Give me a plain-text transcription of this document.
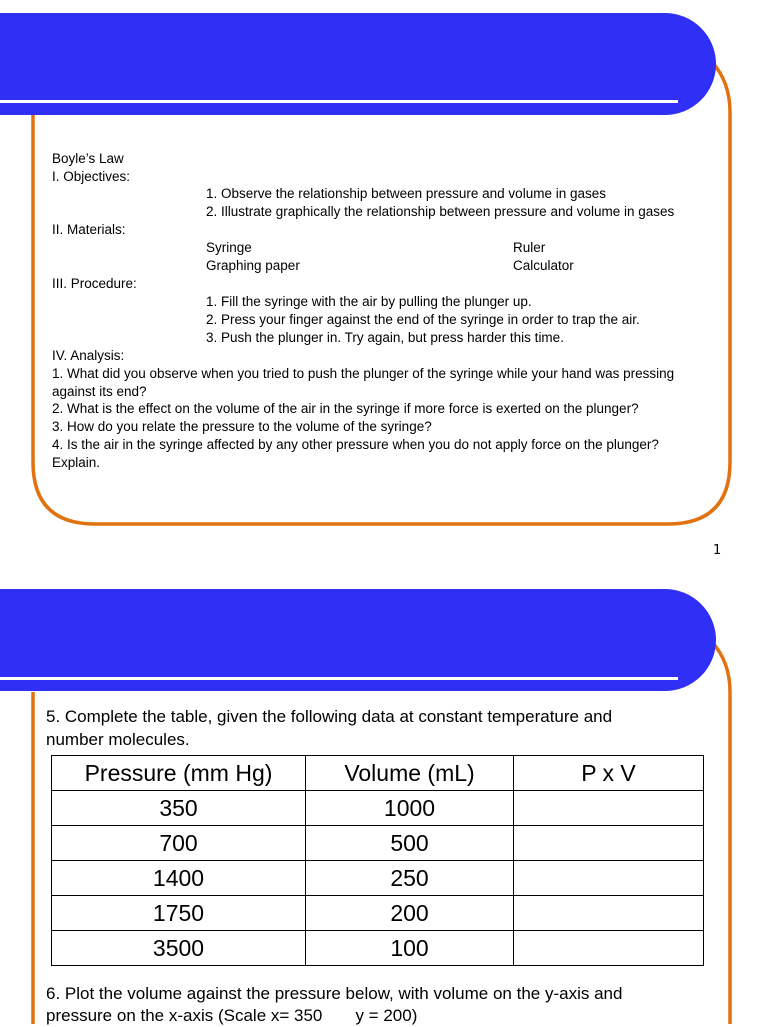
Boyle’s Law
I. Objectives:
1. Observe the relationship between pressure and volume in gases
2. Illustrate graphically the relationship between pressure and volume in gases
II. Materials:
Syringe	Ruler
Graphing paper	Calculator
III. Procedure:
1. Fill the syringe with the air by pulling the plunger up.
2. Press your finger against the end of the syringe in order to trap the air.
3. Push the plunger in. Try again, but press harder this time.
IV. Analysis:
1. What did you observe when you tried to push the plunger of the syringe while your hand was pressing
against its end?
2. What is the effect on the volume of the air in the syringe if more force is exerted on the plunger?
3. How do you relate the pressure to the volume of the syringe?
4. Is the air in the syringe affected by any other pressure when you do not apply force on the plunger?
Explain.
1
5. Complete the table, given the following data at constant temperature and
number molecules.
Pressure (mm Hg)	Volume (mL)	P x V
350	1000	
700	500	
1400	250	
1750	200	
3500	100	
6. Plot the volume against the pressure below, with volume on the y-axis and
pressure on the x-axis (Scale x= 350       y = 200)
